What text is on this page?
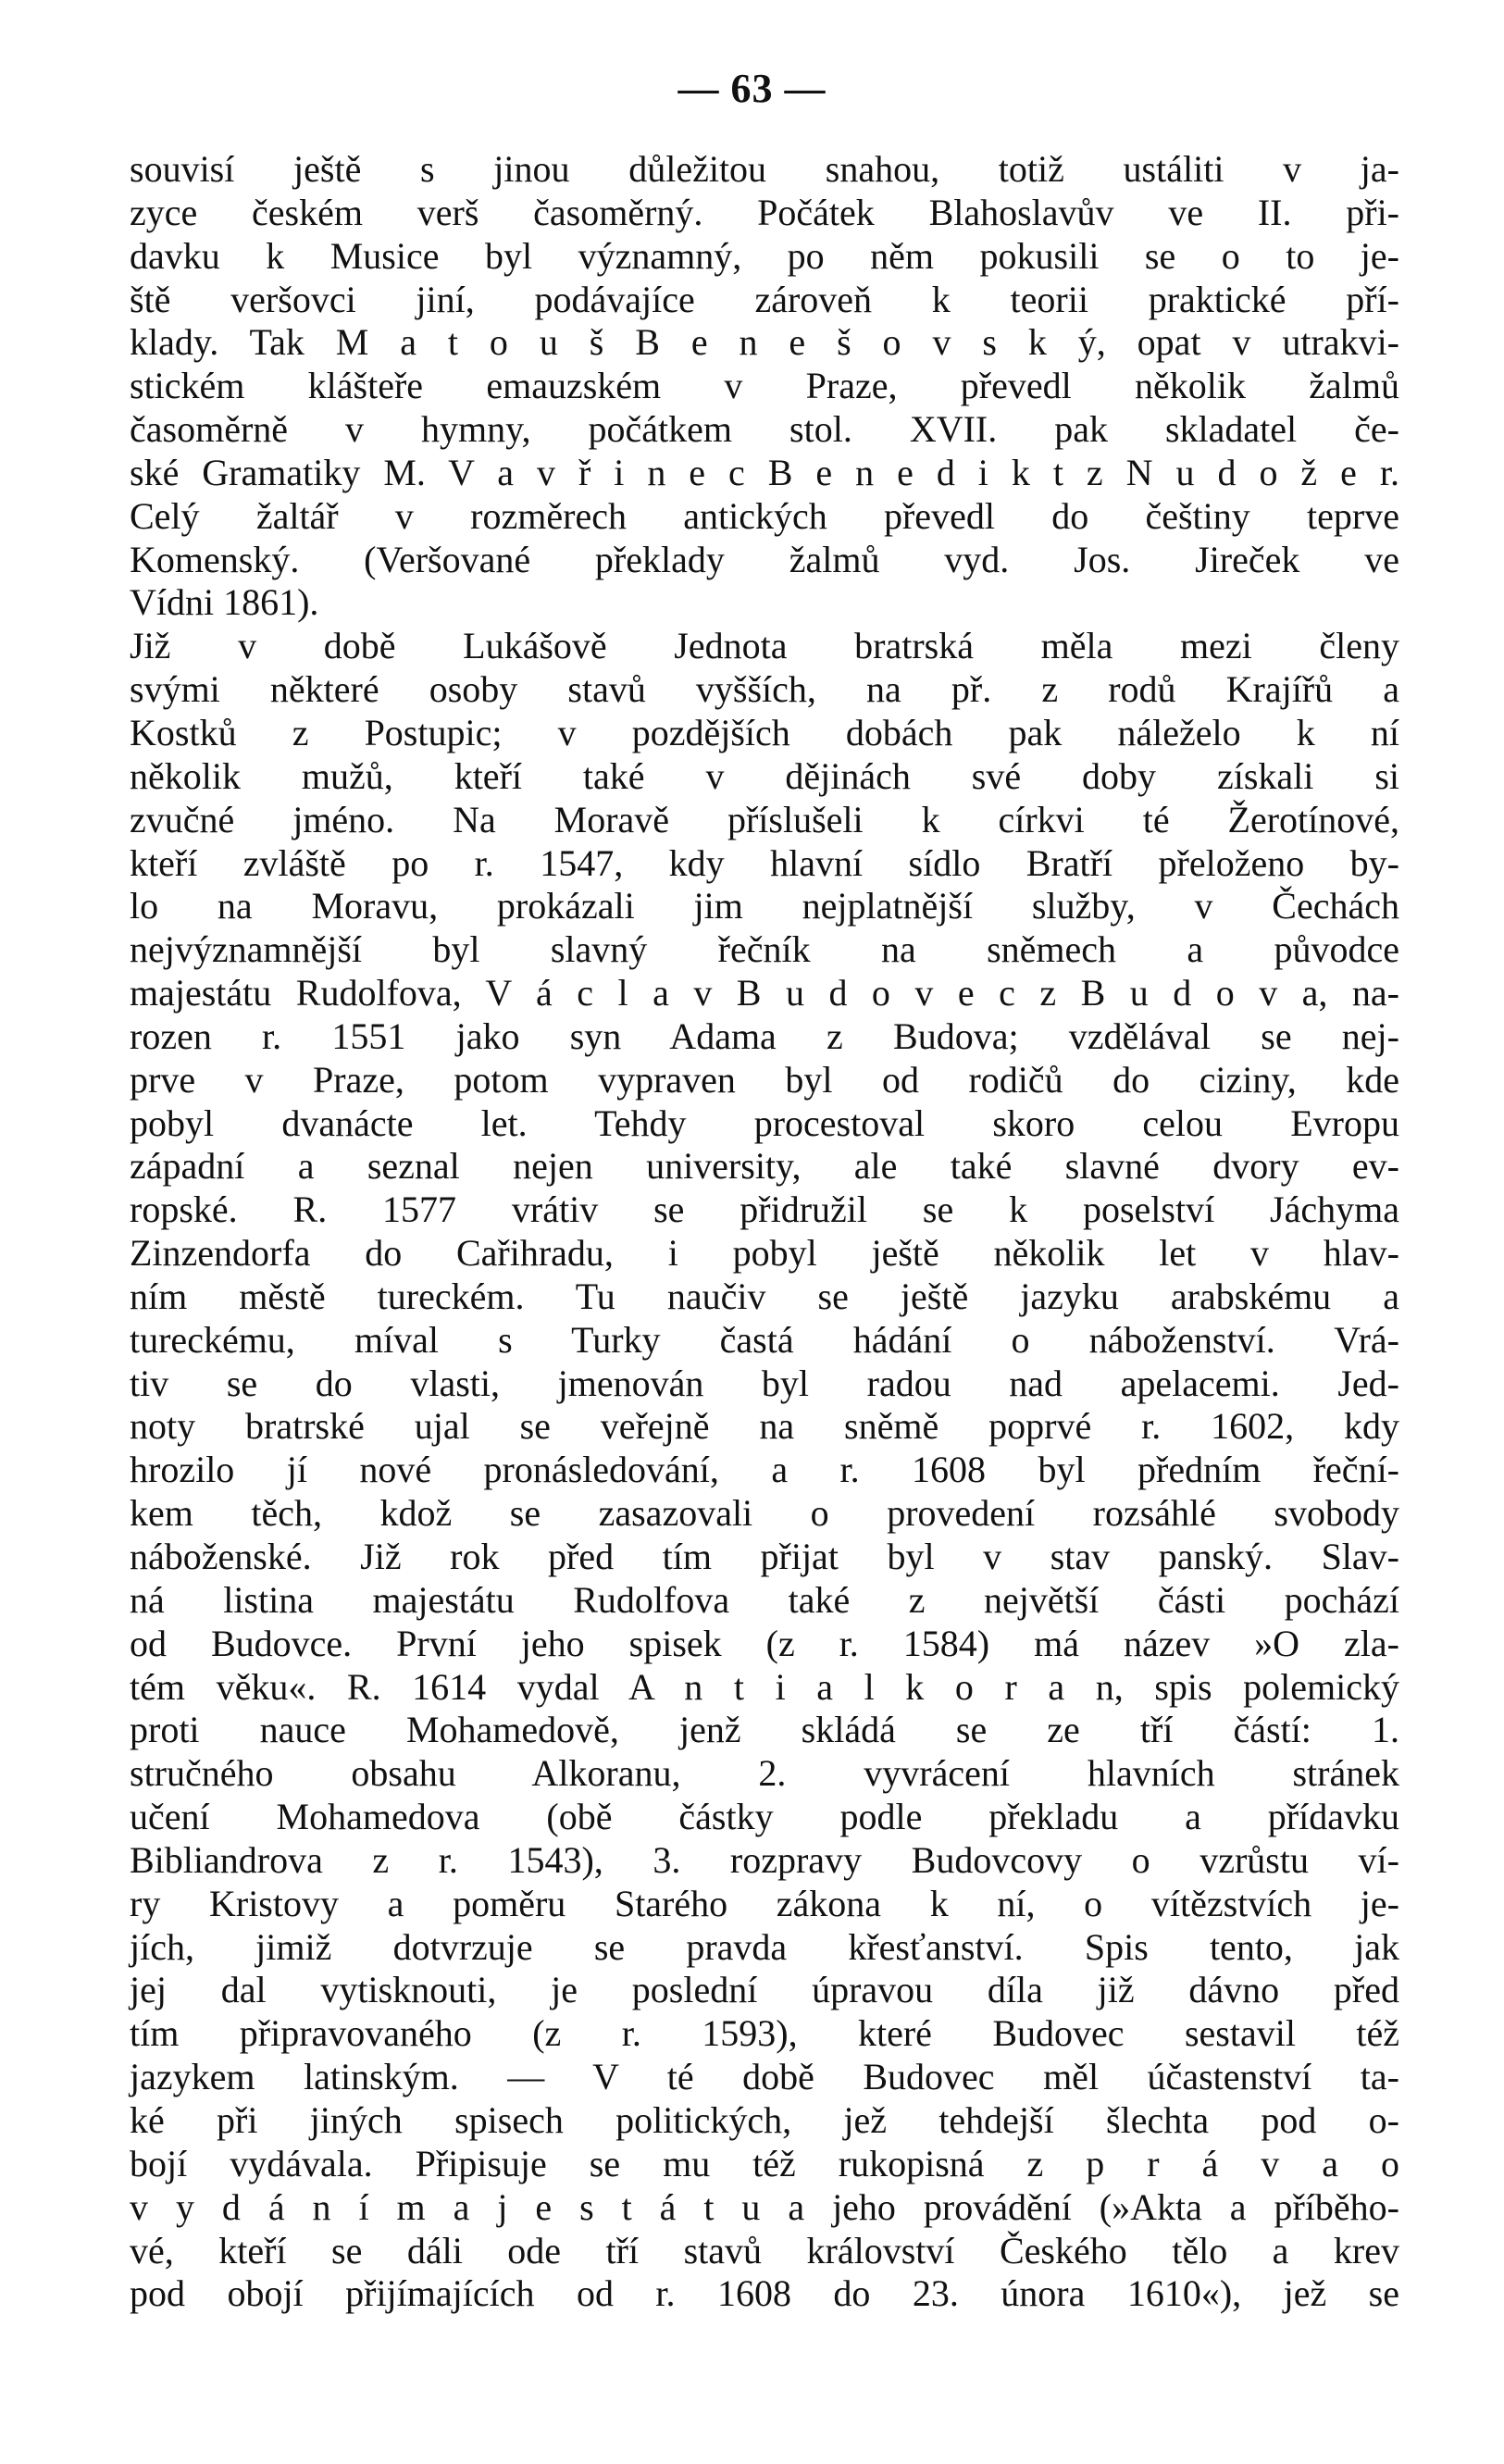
— 63 —
souvisí ještě s jinou důležitou snahou, totiž ustáliti v ja-
zyce českém verš časoměrný. Počátek Blahoslavův ve II. při-
davku k Musice byl významný, po něm pokusili se o to je-
ště veršovci jiní, podávajíce zároveň k teorii praktické pří-
klady. Tak M a t o u š B e n e š o v s k ý, opat v utrakvi-
stickém klášteře emauzském v Praze, převedl několik žalmů
časoměrně v hymny, počátkem stol. XVII. pak skladatel če-
ské Gramatiky M. V a v ř i n e c B e n e d i k t z N u d o ž e r.
Celý žaltář v rozměrech antických převedl do češtiny teprve
Komenský. (Veršované překlady žalmů vyd. Jos. Jireček ve
Vídni 1861).
Již v době Lukášově Jednota bratrská měla mezi členy
svými některé osoby stavů vyšších, na př. z rodů Krajířů a
Kostků z Postupic; v pozdějších dobách pak náleželo k ní
několik mužů, kteří také v dějinách své doby získali si
zvučné jméno. Na Moravě příslušeli k církvi té Žerotínové,
kteří zvláště po r. 1547, kdy hlavní sídlo Bratří přeloženo by-
lo na Moravu, prokázali jim nejplatnější služby, v Čechách
nejvýznamnější byl slavný řečník na sněmech a původce
majestátu Rudolfova, V á c l a v B u d o v e c z B u d o v a, na-
rozen r. 1551 jako syn Adama z Budova; vzdělával se nej-
prve v Praze, potom vypraven byl od rodičů do ciziny, kde
pobyl dvanácte let. Tehdy procestoval skoro celou Evropu
západní a seznal nejen university, ale také slavné dvory ev-
ropské. R. 1577 vrátiv se přidružil se k poselství Jáchyma
Zinzendorfa do Cařihradu, i pobyl ještě několik let v hlav-
ním městě tureckém. Tu naučiv se ještě jazyku arabskému a
tureckému, míval s Turky častá hádání o náboženství. Vrá-
tiv se do vlasti, jmenován byl radou nad apelacemi. Jed-
noty bratrské ujal se veřejně na sněmě poprvé r. 1602, kdy
hrozilo jí nové pronásledování, a r. 1608 byl předním řeční-
kem těch, kdož se zasazovali o provedení rozsáhlé svobody
náboženské. Již rok před tím přijat byl v stav panský. Slav-
ná listina majestátu Rudolfova také z největší části pochází
od Budovce. První jeho spisek (z r. 1584) má název »O zla-
tém věku«. R. 1614 vydal A n t i a l k o r a n, spis polemický
proti nauce Mohamedově, jenž skládá se ze tří částí: 1.
stručného obsahu Alkoranu, 2. vyvrácení hlavních stránek
učení Mohamedova (obě částky podle překladu a přídavku
Bibliandrova z r. 1543), 3. rozpravy Budovcovy o vzrůstu ví-
ry Kristovy a poměru Starého zákona k ní, o vítězstvích je-
jích, jimiž dotvrzuje se pravda křesťanství. Spis tento, jak
jej dal vytisknouti, je poslední úpravou díla již dávno před
tím připravovaného (z r. 1593), které Budovec sestavil též
jazykem latinským. — V té době Budovec měl účastenství ta-
ké při jiných spisech politických, jež tehdejší šlechta pod o-
bojí vydávala. Připisuje se mu též rukopisná z p r á v a o
v y d á n í m a j e s t á t u a jeho provádění (»Akta a příběho-
vé, kteří se dáli ode tří stavů království Českého tělo a krev
pod obojí přijímajících od r. 1608 do 23. února 1610«), jež se
